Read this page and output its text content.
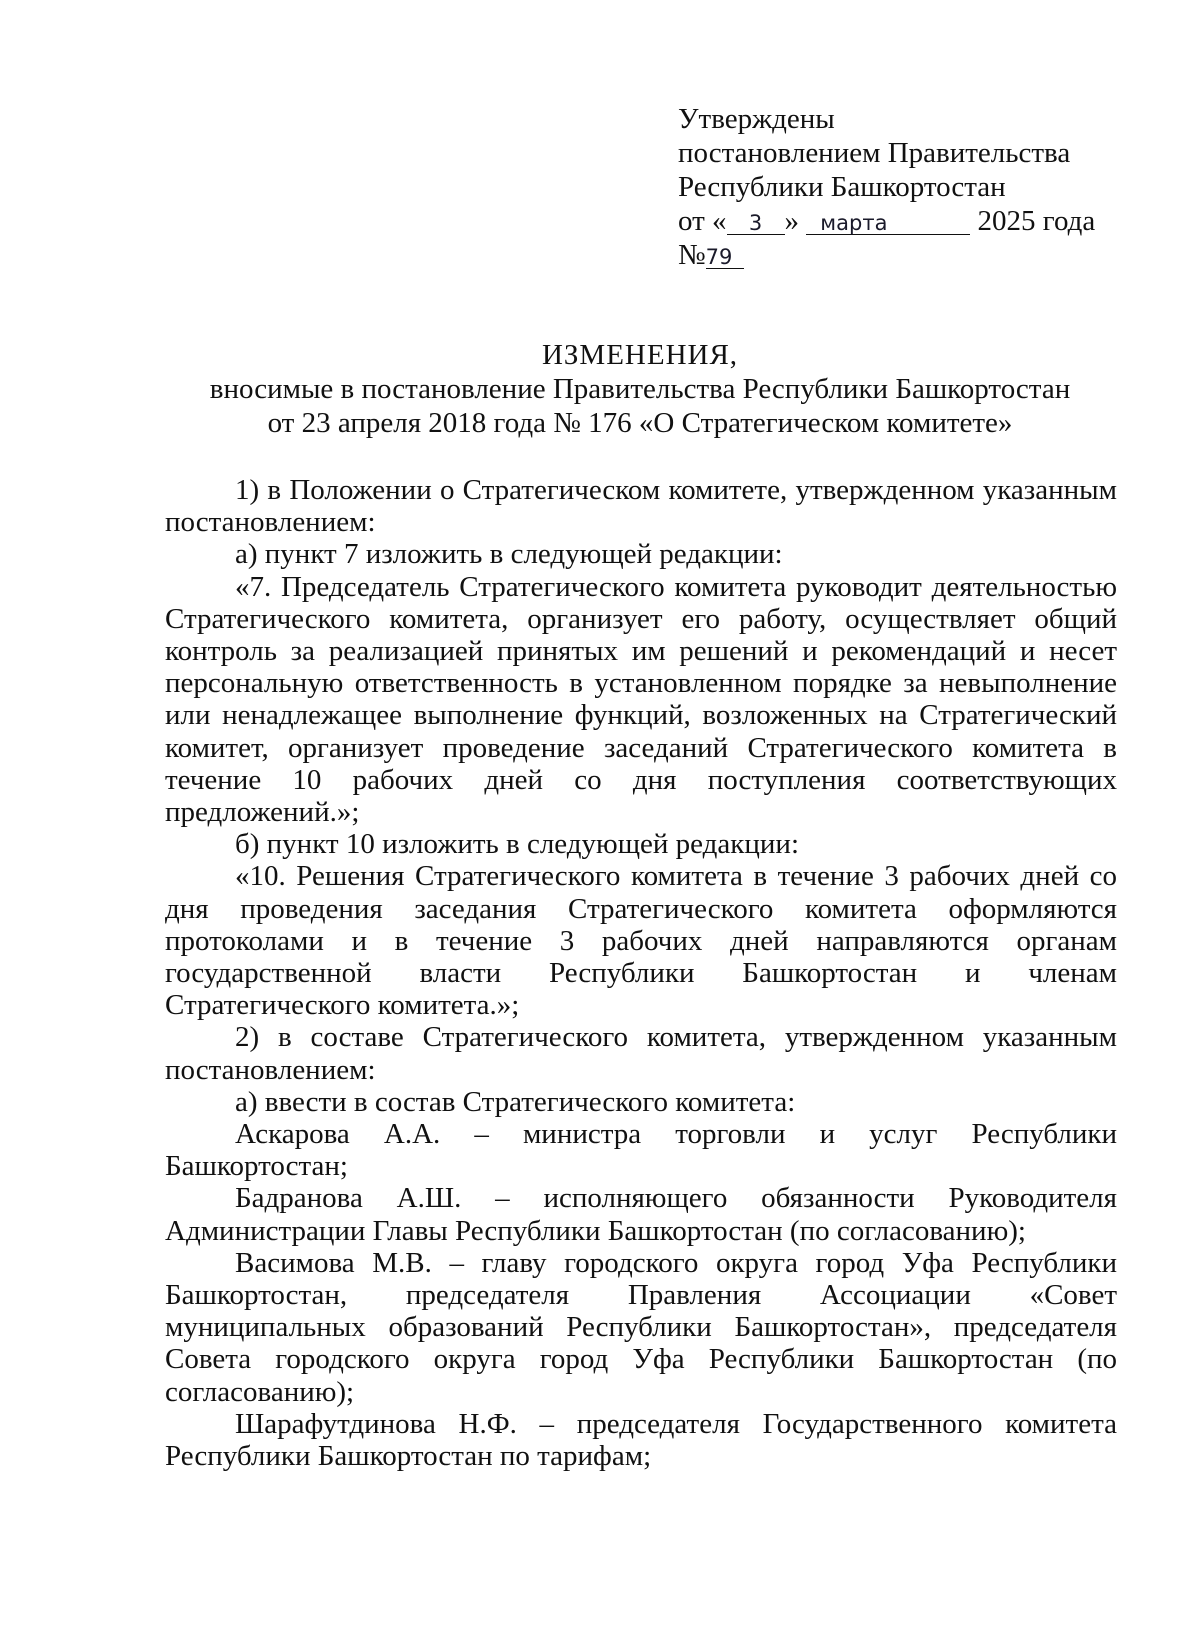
Утверждены
постановлением Правительства
Республики Башкортостан
от « 3 » марта	2025 года
№79
ИЗМЕНЕНИЯ,
вносимые в постановление Правительства Республики Башкортостан
от 23 апреля 2018 года № 176 «О Стратегическом комитете»

1) в Положении о Стратегическом комитете, утвержденном указанным постановлением:

а) пункт 7 изложить в следующей редакции:

«7. Председатель Стратегического комитета руководит деятельностью Стратегического комитета, организует его работу, осуществляет общий контроль за реализацией принятых им решений и рекомендаций и несет персональную ответственность в установленном порядке за невыполнение или ненадлежащее выполнение функций, возложенных на Стратегический комитет, организует проведение заседаний Стратегического комитета в течение 10 рабочих дней со дня поступления соответствующих предложений.»;

б) пункт 10 изложить в следующей редакции:

«10. Решения Стратегического комитета в течение 3 рабочих дней со дня проведения заседания Стратегического комитета оформляются протоколами и в течение 3 рабочих дней направляются органам государственной власти Республики Башкортостан и членам Стратегического комитета.»;

2) в составе Стратегического комитета, утвержденном указанным постановлением:

а) ввести в состав Стратегического комитета:

Аскарова А.А. – министра торговли и услуг Республики Башкортостан;

Бадранова А.Ш. – исполняющего обязанности Руководителя Администрации Главы Республики Башкортостан (по согласованию);

Васимова М.В. – главу городского округа город Уфа Республики Башкортостан, председателя Правления Ассоциации «Совет муниципальных образований Республики Башкортостан», председателя Совета городского округа город Уфа Республики Башкортостан (по согласованию);

Шарафутдинова Н.Ф. – председателя Государственного комитета Республики Башкортостан по тарифам;
